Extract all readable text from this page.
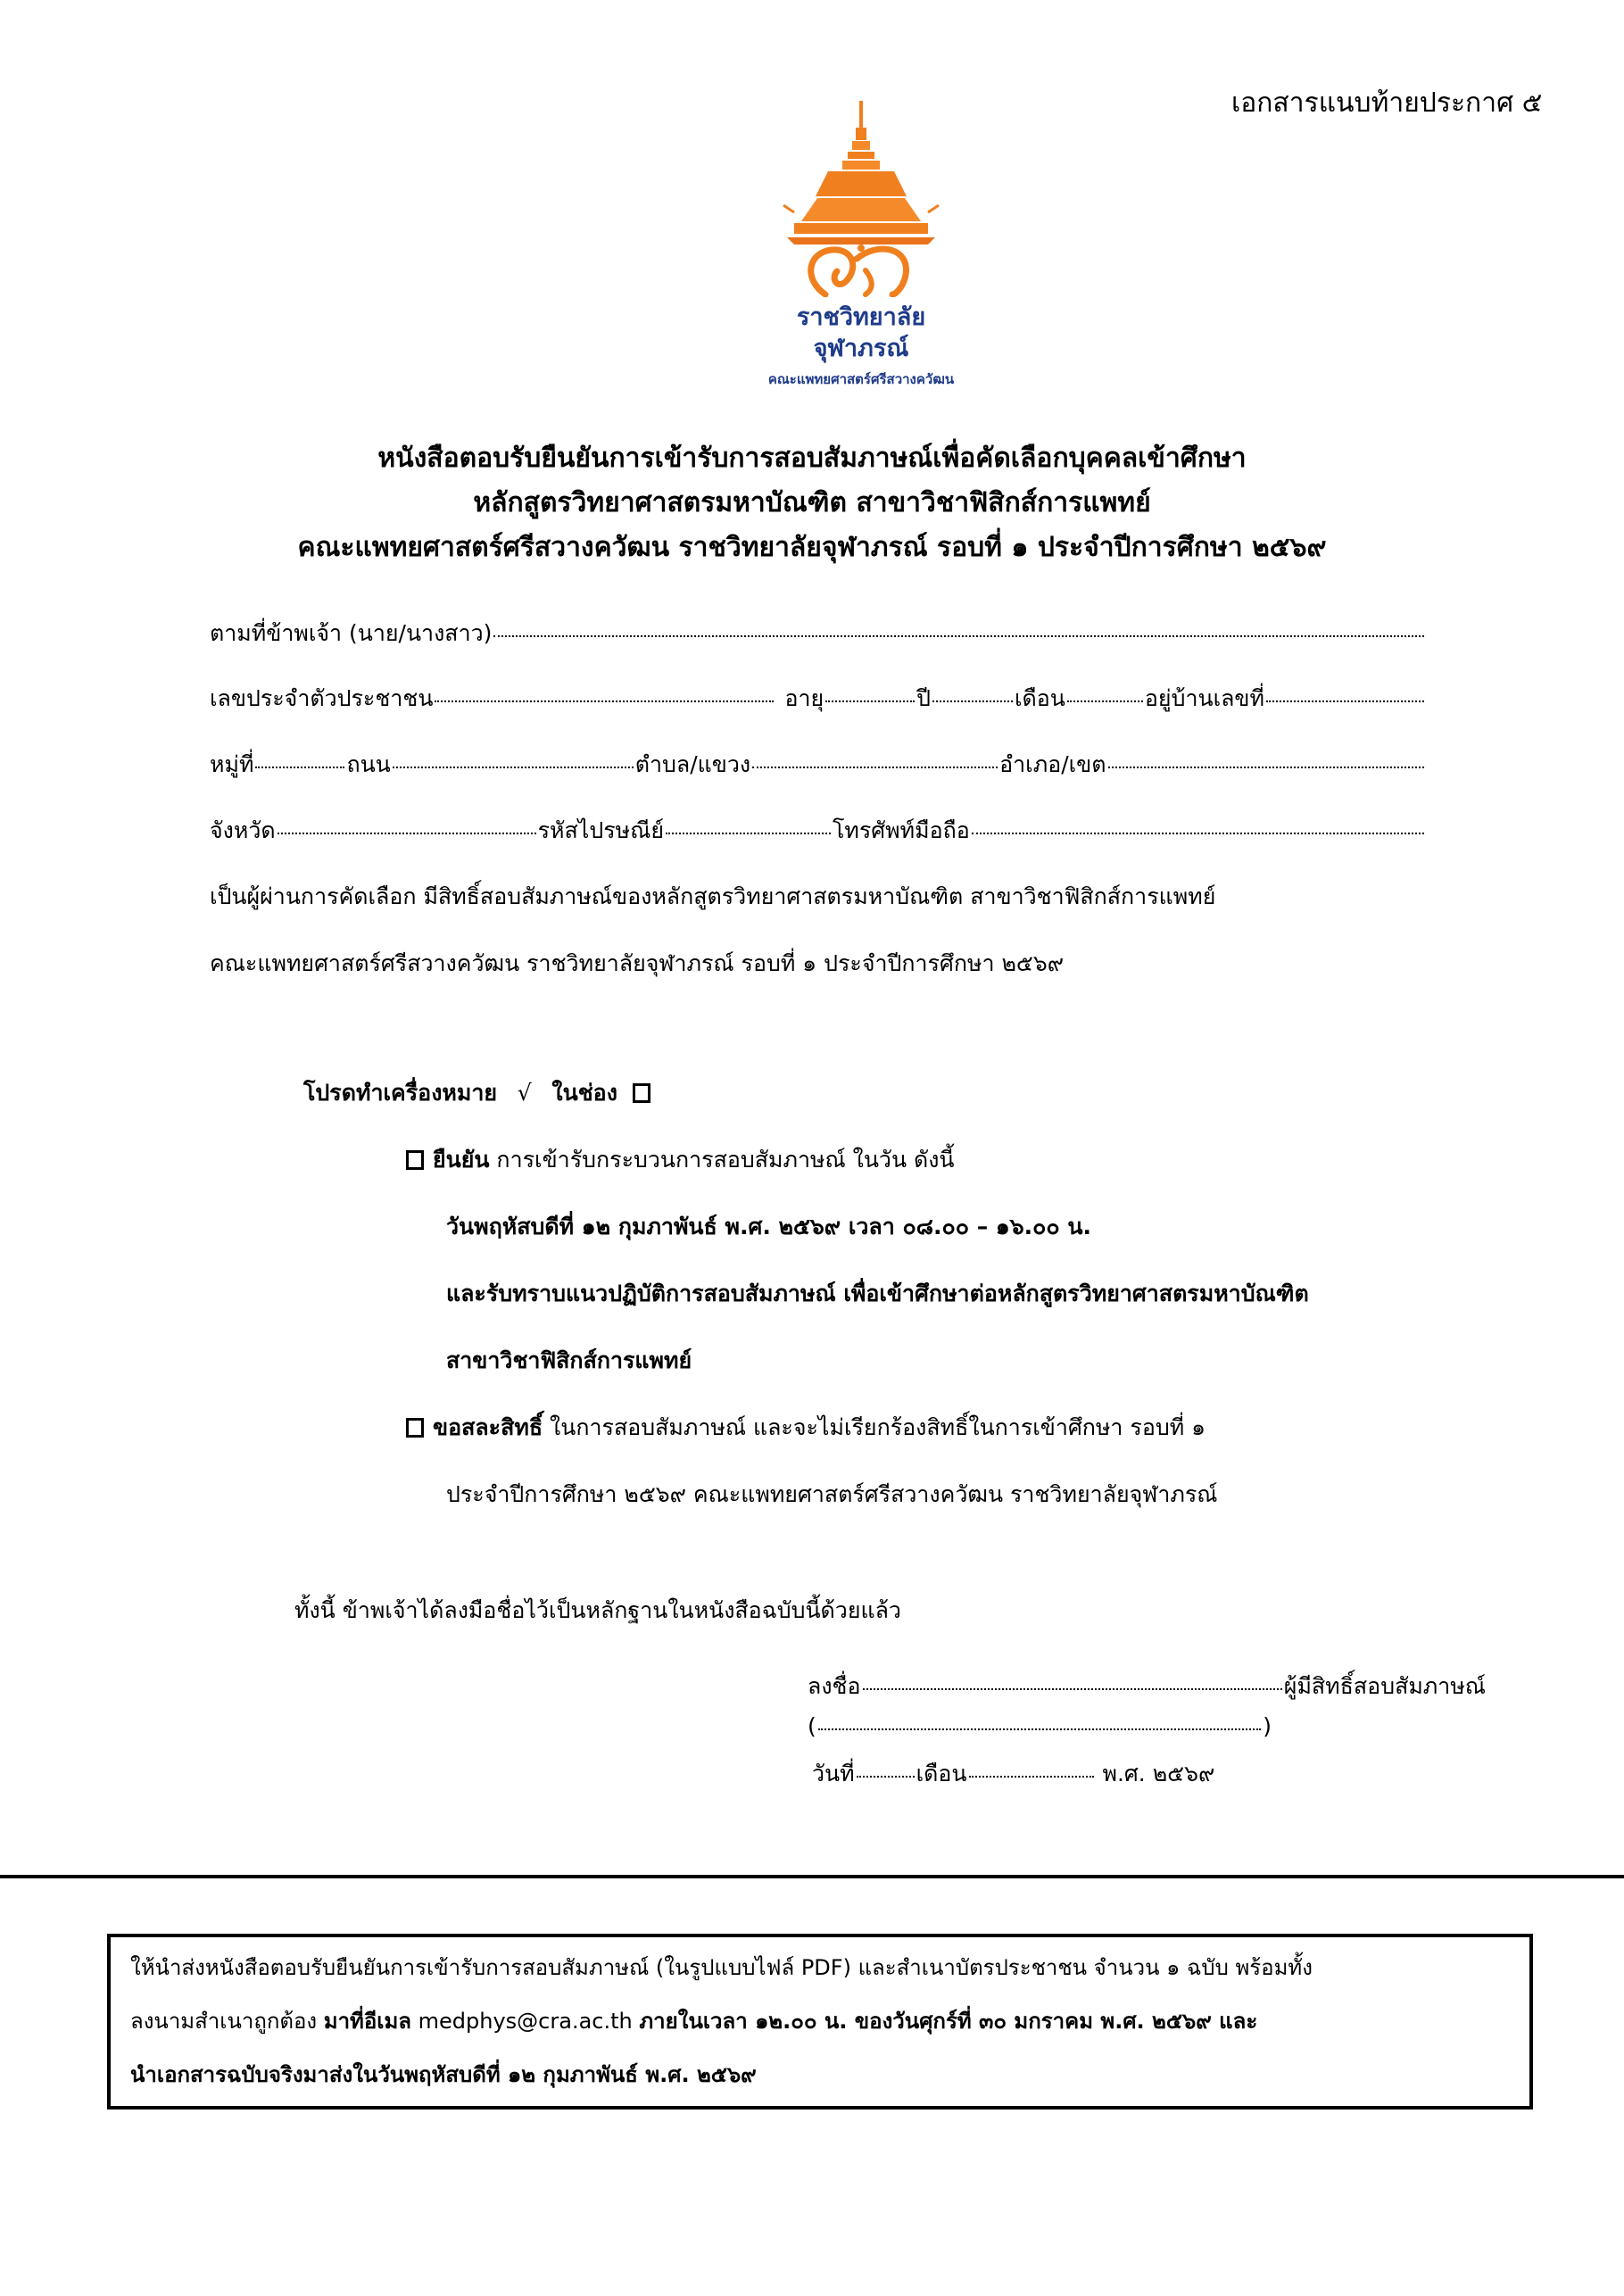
เอกสารแนบท้ายประกาศ ๕
ราชวิทยาลัย
จุฬาภรณ์
คณะแพทยศาสตร์ศรีสวางควัฒน
หนังสือตอบรับยืนยันการเข้ารับการสอบสัมภาษณ์เพื่อคัดเลือกบุคคลเข้าศึกษา
หลักสูตรวิทยาศาสตรมหาบัณฑิต สาขาวิชาฟิสิกส์การแพทย์
คณะแพทยศาสตร์ศรีสวางควัฒน ราชวิทยาลัยจุฬาภรณ์ รอบที่ ๑ ประจำปีการศึกษา ๒๕๖๙
ตามที่ข้าพเจ้า (นาย/นางสาว)
เลขประจำตัวประชาชน	อายุ	ปี	เดือน	อยู่บ้านเลขที่
หมู่ที่	ถนน	ตำบล/แขวง	อำเภอ/เขต
จังหวัด	รหัสไปรษณีย์	โทรศัพท์มือถือ
เป็นผู้ผ่านการคัดเลือก มีสิทธิ์สอบสัมภาษณ์ของหลักสูตรวิทยาศาสตรมหาบัณฑิต สาขาวิชาฟิสิกส์การแพทย์
คณะแพทยศาสตร์ศรีสวางควัฒน ราชวิทยาลัยจุฬาภรณ์ รอบที่ ๑ ประจำปีการศึกษา ๒๕๖๙
โปรดทำเครื่องหมาย √ ในช่อง
ยืนยัน การเข้ารับกระบวนการสอบสัมภาษณ์ ในวัน ดังนี้
วันพฤหัสบดีที่ ๑๒ กุมภาพันธ์ พ.ศ. ๒๕๖๙ เวลา ๐๘.๐๐ – ๑๖.๐๐ น.
และรับทราบแนวปฏิบัติการสอบสัมภาษณ์ เพื่อเข้าศึกษาต่อหลักสูตรวิทยาศาสตรมหาบัณฑิต
สาขาวิชาฟิสิกส์การแพทย์
ขอสละสิทธิ์ ในการสอบสัมภาษณ์ และจะไม่เรียกร้องสิทธิ์ในการเข้าศึกษา รอบที่ ๑
ประจำปีการศึกษา ๒๕๖๙ คณะแพทยศาสตร์ศรีสวางควัฒน ราชวิทยาลัยจุฬาภรณ์
ทั้งนี้ ข้าพเจ้าได้ลงมือชื่อไว้เป็นหลักฐานในหนังสือฉบับนี้ด้วยแล้ว
ลงชื่อ	ผู้มีสิทธิ์สอบสัมภาษณ์
(	)
วันที่	เดือน	พ.ศ. ๒๕๖๙
ให้นำส่งหนังสือตอบรับยืนยันการเข้ารับการสอบสัมภาษณ์ (ในรูปแบบไฟล์ PDF) และสำเนาบัตรประชาชน จำนวน ๑ ฉบับ พร้อมทั้ง
ลงนามสำเนาถูกต้อง มาที่อีเมล medphys@cra.ac.th ภายในเวลา ๑๒.๐๐ น. ของวันศุกร์ที่ ๓๐ มกราคม พ.ศ. ๒๕๖๙ และ
นำเอกสารฉบับจริงมาส่งในวันพฤหัสบดีที่ ๑๒ กุมภาพันธ์ พ.ศ. ๒๕๖๙
